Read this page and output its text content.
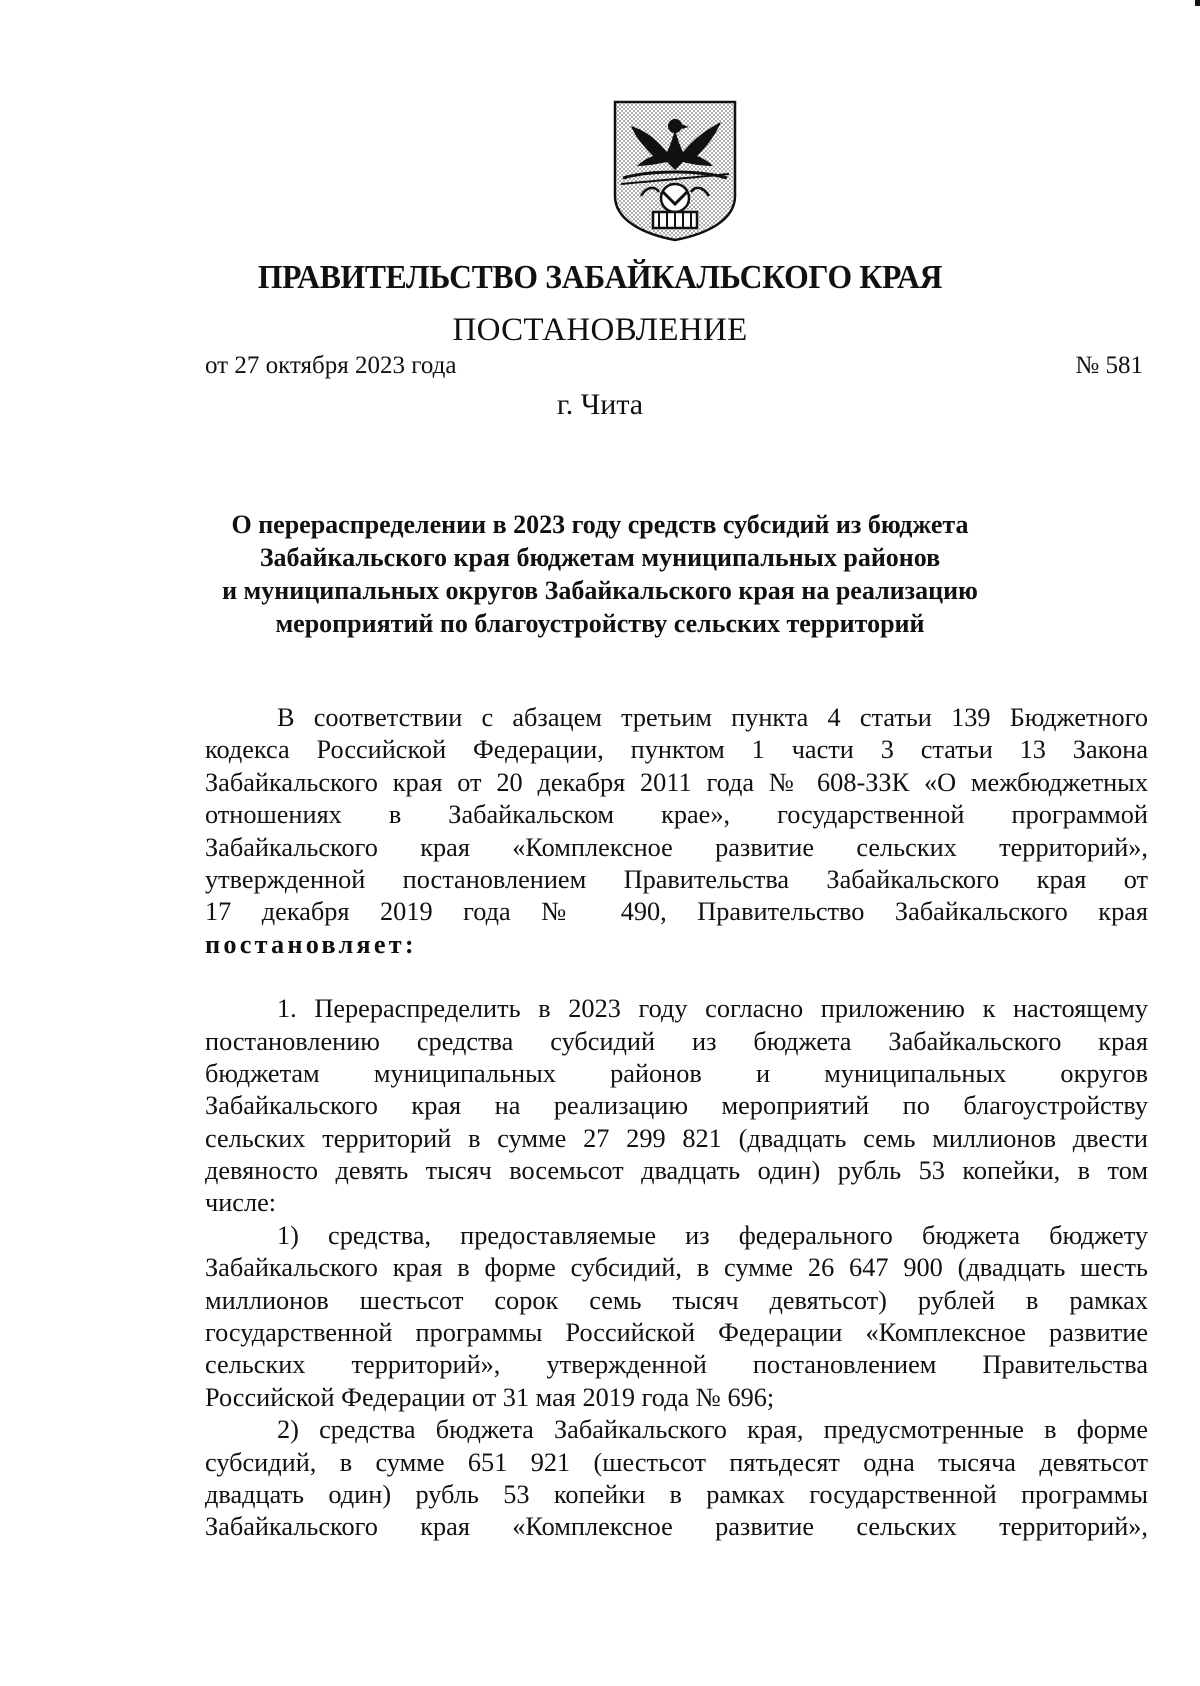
ПРАВИТЕЛЬСТВО ЗАБАЙКАЛЬСКОГО КРАЯ
ПОСТАНОВЛЕНИЕ
от 27 октября 2023 года	№ 581
г. Чита
О перераспределении в 2023 году средств субсидий из бюджета
Забайкальского края бюджетам муниципальных районов
и муниципальных округов Забайкальского края на реализацию
мероприятий по благоустройству сельских территорий
В соответствии с абзацем третьим пункта 4 статьи 139 Бюджетного
кодекса Российской Федерации, пунктом 1 части 3 статьи 13 Закона
Забайкальского края от 20 декабря 2011 года № 608-ЗЗК «О межбюджетных
отношениях в Забайкальском крае», государственной программой
Забайкальского края «Комплексное развитие сельских территорий»,
утвержденной постановлением Правительства Забайкальского края от
17 декабря 2019 года № 490, Правительство Забайкальского края
постановляет:
1. Перераспределить в 2023 году согласно приложению к настоящему
постановлению средства субсидий из бюджета Забайкальского края
бюджетам муниципальных районов и муниципальных округов
Забайкальского края на реализацию мероприятий по благоустройству
сельских территорий в сумме 27 299 821 (двадцать семь миллионов двести
девяносто девять тысяч восемьсот двадцать один) рубль 53 копейки, в том
числе:
1) средства, предоставляемые из федерального бюджета бюджету
Забайкальского края в форме субсидий, в сумме 26 647 900 (двадцать шесть
миллионов шестьсот сорок семь тысяч девятьсот) рублей в рамках
государственной программы Российской Федерации «Комплексное развитие
сельских территорий», утвержденной постановлением Правительства
Российской Федерации от 31 мая 2019 года № 696;
2) средства бюджета Забайкальского края, предусмотренные в форме
субсидий, в сумме 651 921 (шестьсот пятьдесят одна тысяча девятьсот
двадцать один) рубль 53 копейки в рамках государственной программы
Забайкальского края «Комплексное развитие сельских территорий»,
